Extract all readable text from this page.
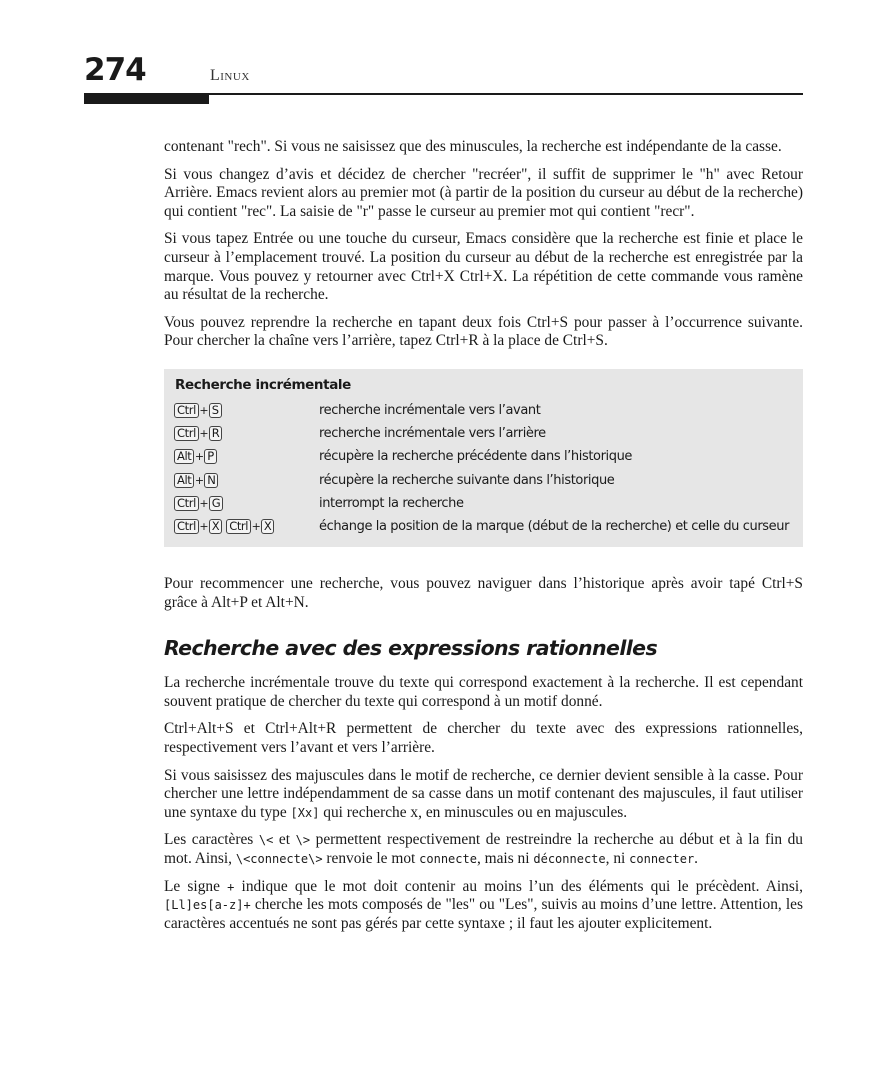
274	Linux

contenant "rech". Si vous ne saisissez que des minuscules, la recherche est indépendante de la casse.

Si vous changez d’avis et décidez de chercher "recréer", il suffit de supprimer le "h" avec Retour Arrière. Emacs revient alors au premier mot (à partir de la position du curseur au début de la recherche) qui contient "rec". La saisie de "r" passe le curseur au premier mot qui contient "recr".

Si vous tapez Entrée ou une touche du curseur, Emacs considère que la recherche est finie et place le curseur à l’emplacement trouvé. La position du curseur au début de la recherche est enregistrée par la marque. Vous pouvez y retourner avec Ctrl+X Ctrl+X. La répétition de cette commande vous ramène au résultat de la recherche.

Vous pouvez reprendre la recherche en tapant deux fois Ctrl+S pour passer à l’occurrence suivante. Pour chercher la chaîne vers l’arrière, tapez Ctrl+R à la place de Ctrl+S.

Recherche incrémentale
Ctrl + S	recherche incrémentale vers l’avant
Ctrl + R	recherche incrémentale vers l’arrière
Alt + P	récupère la recherche précédente dans l’historique
Alt + N	récupère la recherche suivante dans l’historique
Ctrl + G	interrompt la recherche
Ctrl + X Ctrl + X	échange la position de la marque (début de la recherche) et celle du curseur

Pour recommencer une recherche, vous pouvez naviguer dans l’historique après avoir tapé Ctrl+S grâce à Alt+P et Alt+N.

Recherche avec des expressions rationnelles

La recherche incrémentale trouve du texte qui correspond exactement à la recherche. Il est cependant souvent pratique de chercher du texte qui correspond à un motif donné.

Ctrl+Alt+S et Ctrl+Alt+R permettent de chercher du texte avec des expressions rationnelles, respectivement vers l’avant et vers l’arrière.

Si vous saisissez des majuscules dans le motif de recherche, ce dernier devient sensible à la casse. Pour chercher une lettre indépendamment de sa casse dans un motif contenant des majuscules, il faut utiliser une syntaxe du type [Xx] qui recherche x, en minuscules ou en majuscules.

Les caractères \< et \> permettent respectivement de restreindre la recherche au début et à la fin du mot. Ainsi, \<connecte\> renvoie le mot connecte, mais ni déconnecte, ni connecter.

Le signe + indique que le mot doit contenir au moins l’un des éléments qui le précèdent. Ainsi, [Ll]es[a-z]+ cherche les mots composés de "les" ou "Les", suivis au moins d’une lettre. Attention, les caractères accentués ne sont pas gérés par cette syntaxe ; il faut les ajouter explicitement.
